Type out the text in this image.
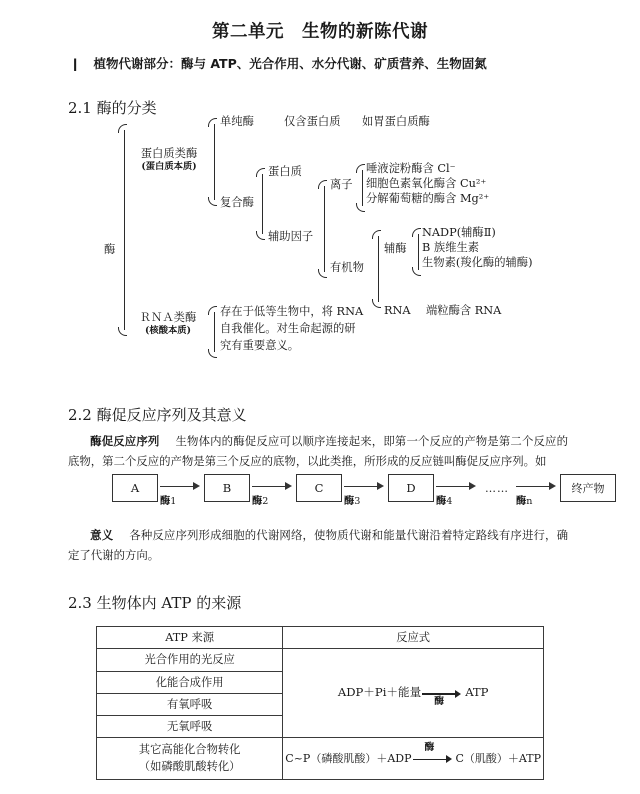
第二单元　生物的新陈代谢
❙ 植物代谢部分：酶与 ATP、光合作用、水分代谢、矿质营养、生物固氮
2.1 酶的分类
酶
蛋白质类酶
(蛋白质本质)
单纯酶	仅含蛋白质 如胃蛋白质酶
复合酶
蛋白质
辅助因子
离子
唾液淀粉酶含 Cl⁻
细胞色素氧化酶含 Cu²⁺
分解葡萄糖的酶含 Mg²⁺
有机物
辅酶
NADP(辅酶Ⅱ)
B 族维生素
生物素(羧化酶的辅酶)
RNA 端粒酶含 RNA
ＲＮＡ类酶
(核酸本质)
存在于低等生物中，将 RNA
自我催化。对生命起源的研
究有重要意义。
2.2 酶促反应序列及其意义
酶促反应序列 生物体内的酶促反应可以顺序连接起来，即第一个反应的产物是第二个反应的底物，第二个反应的产物是第三个反应的底物，以此类推，所形成的反应链叫酶促反应序列。如
A
酶1
B
酶2
C
酶3
D
酶4
……
酶n
终产物
意义 各种反应序列形成细胞的代谢网络，使物质代谢和能量代谢沿着特定路线有序进行，确定了代谢的方向。
2.3 生物体内 ATP 的来源
ATP 来源	反应式
光合作用的光反应	ADP＋Pi＋能量
酶
ATP
化能合成作用	
有氧呼吸	
无氧呼吸	
其它高能化合物转化
（如磷酸肌酸转化）	C~P（磷酸肌酸）＋ADP
酶
C（肌酸）＋ATP
